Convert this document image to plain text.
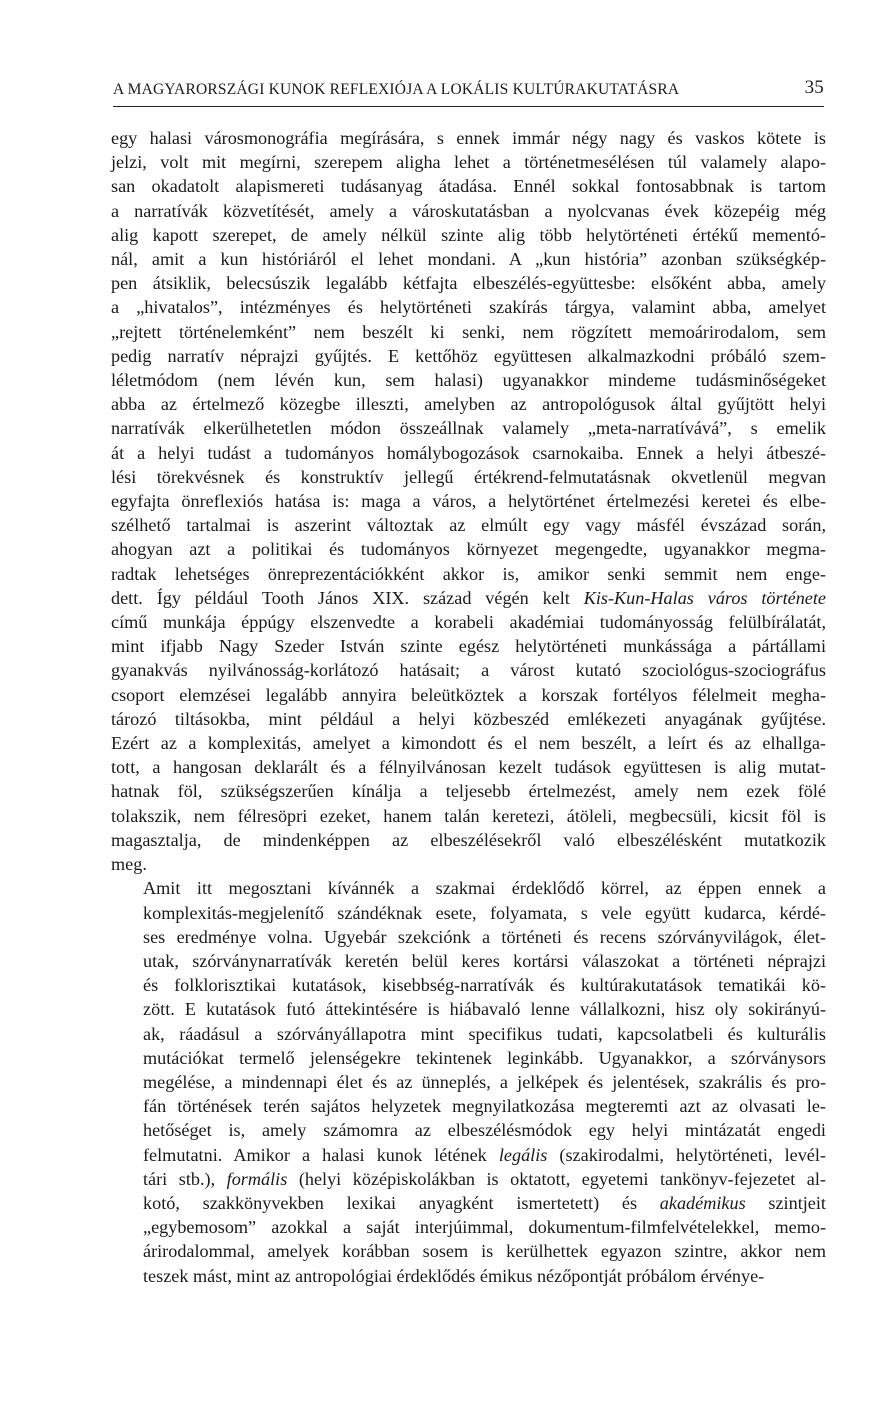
A MAGYARORSZÁGI KUNOK REFLEXIÓJA A LOKÁLIS KULTÚRAKUTATÁSRA	35
egy halasi városmonográfia megírására, s ennek immár négy nagy és vaskos kötete is
jelzi, volt mit megírni, szerepem aligha lehet a történetmesélésen túl valamely alapo-
san okadatolt alapismereti tudásanyag átadása. Ennél sokkal fontosabbnak is tartom
a narratívák közvetítését, amely a városkutatásban a nyolcvanas évek közepéig még
alig kapott szerepet, de amely nélkül szinte alig több helytörténeti értékű mementó-
nál, amit a kun históriáról el lehet mondani. A „kun história” azonban szükségkép-
pen átsiklik, belecsúszik legalább kétfajta elbeszélés-együttesbe: elsőként abba, amely
a „hivatalos”, intézményes és helytörténeti szakírás tárgya, valamint abba, amelyet
„rejtett történelemként” nem beszélt ki senki, nem rögzített memoárirodalom, sem
pedig narratív néprajzi gyűjtés. E kettőhöz együttesen alkalmazkodni próbáló szem-
léletmódom (nem lévén kun, sem halasi) ugyanakkor mindeme tudásminőségeket
abba az értelmező közegbe illeszti, amelyben az antropológusok által gyűjtött helyi
narratívák elkerülhetetlen módon összeállnak valamely „meta-narratívává”, s emelik
át a helyi tudást a tudományos homálybogozások csarnokaiba. Ennek a helyi átbeszé-
lési törekvésnek és konstruktív jellegű értékrend-felmutatásnak okvetlenül megvan
egyfajta önreflexiós hatása is: maga a város, a helytörténet értelmezési keretei és elbe-
szélhető tartalmai is aszerint változtak az elmúlt egy vagy másfél évszázad során,
ahogyan azt a politikai és tudományos környezet megengedte, ugyanakkor megma-
radtak lehetséges önreprezentációkként akkor is, amikor senki semmit nem enge-
dett. Így például Tooth János XIX. század végén kelt Kis-Kun-Halas város története
című munkája éppúgy elszenvedte a korabeli akadémiai tudományosság felülbírálatát,
mint ifjabb Nagy Szeder István szinte egész helytörténeti munkássága a pártállami
gyanakvás nyilvánosság-korlátozó hatásait; a várost kutató szociológus-szociográfus
csoport elemzései legalább annyira beleütköztek a korszak fortélyos félelmeit megha-
tározó tiltásokba, mint például a helyi közbeszéd emlékezeti anyagának gyűjtése.
Ezért az a komplexitás, amelyet a kimondott és el nem beszélt, a leírt és az elhallga-
tott, a hangosan deklarált és a félnyilvánosan kezelt tudások együttesen is alig mutat-
hatnak föl, szükségszerűen kínálja a teljesebb értelmezést, amely nem ezek fölé
tolakszik, nem félresöpri ezeket, hanem talán keretezi, átöleli, megbecsüli, kicsit föl is
magasztalja, de mindenképpen az elbeszélésekről való elbeszélésként mutatkozik
meg.
Amit itt megosztani kívánnék a szakmai érdeklődő körrel, az éppen ennek a
komplexitás-megjelenítő szándéknak esete, folyamata, s vele együtt kudarca, kérdé-
ses eredménye volna. Ugyebár szekciónk a történeti és recens szórványvilágok, élet-
utak, szórványnarratívák keretén belül keres kortársi válaszokat a történeti néprajzi
és folklorisztikai kutatások, kisebbség-narratívák és kultúrakutatások tematikái kö-
zött. E kutatások futó áttekintésére is hiábavaló lenne vállalkozni, hisz oly sokirányú-
ak, ráadásul a szórványállapotra mint specifikus tudati, kapcsolatbeli és kulturális
mutációkat termelő jelenségekre tekintenek leginkább. Ugyanakkor, a szórványsors
megélése, a mindennapi élet és az ünneplés, a jelképek és jelentések, szakrális és pro-
fán történések terén sajátos helyzetek megnyilatkozása megteremti azt az olvasati le-
hetőséget is, amely számomra az elbeszélésmódok egy helyi mintázatát engedi
felmutatni. Amikor a halasi kunok létének legális (szakirodalmi, helytörténeti, levél-
tári stb.), formális (helyi középiskolákban is oktatott, egyetemi tankönyv-fejezetet al-
kotó, szakkönyvekben lexikai anyagként ismertetett) és akadémikus szintjeit
„egybemosom” azokkal a saját interjúimmal, dokumentum-filmfelvételekkel, memo-
árirodalommal, amelyek korábban sosem is kerülhettek egyazon szintre, akkor nem
teszek mást, mint az antropológiai érdeklődés émikus nézőpontját próbálom érvénye-
